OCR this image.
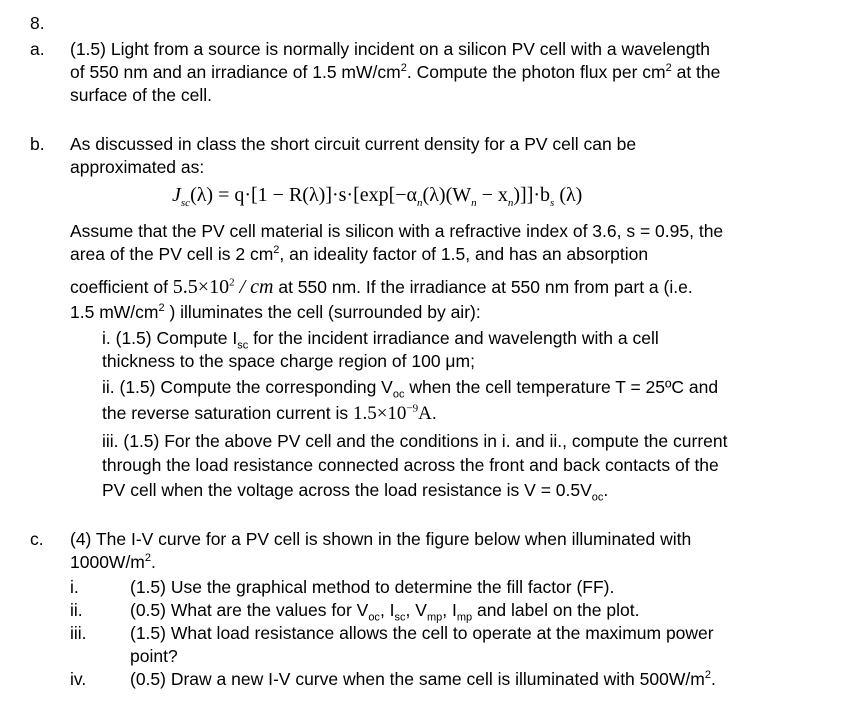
8.
a. (1.5) Light from a source is normally incident on a silicon PV cell with a wavelength
of 550 nm and an irradiance of 1.5 $mW/cm^2$. Compute the photon flux per $cm^2$ at the
surface of the cell.
b. As discussed in class the short circuit current density for a PV cell can be
approximated as:
$J_{sc}(\lambda) = q\cdot[1 - R(\lambda)]\cdot s\cdot[\exp[-\alpha_n(\lambda)(W_n - x_n)]]\cdot b_s$ (λ)
Assume that the PV cell material is silicon with a refractive index of 3.6, s = 0.95, the
area of the PV cell is 2 $cm^2$, an ideality factor of 1.5, and has an absorption
coefficient of $5.5\times 10^2$ / cm at 550 nm. If the irradiance at 550 nm from part a (i.e.
1.5 $mW/cm^2$ ) illuminates the cell (surrounded by air):
i. (1.5) Compute $I_{sc}$ for the incident irradiance and wavelength with a cell
thickness to the space charge region of 100 μm;
ii. (1.5) Compute the corresponding $V_{oc}$ when the cell temperature T = 25ºC and
the reverse saturation current is $1.5\times 10^{-9}A$.
iii. (1.5) For the above PV cell and the conditions in i. and ii., compute the current
through the load resistance connected across the front and back contacts of the
PV cell when the voltage across the load resistance is $V = 0.5V_{oc}$.
c. (4) The I-V curve for a PV cell is shown in the figure below when illuminated with
$1000W/m^2$.
i.	(1.5) Use the graphical method to determine the fill factor (FF).
ii.	(0.5) What are the values for $V_{oc}$, $I_{sc}$, $V_{mp}$, $I_{mp}$ and label on the plot.
iii. (1.5) What load resistance allows the cell to operate at the maximum power
point?
iv.	(0.5) Draw a new I-V curve when the same cell is illuminated with $500W/m^2$.
